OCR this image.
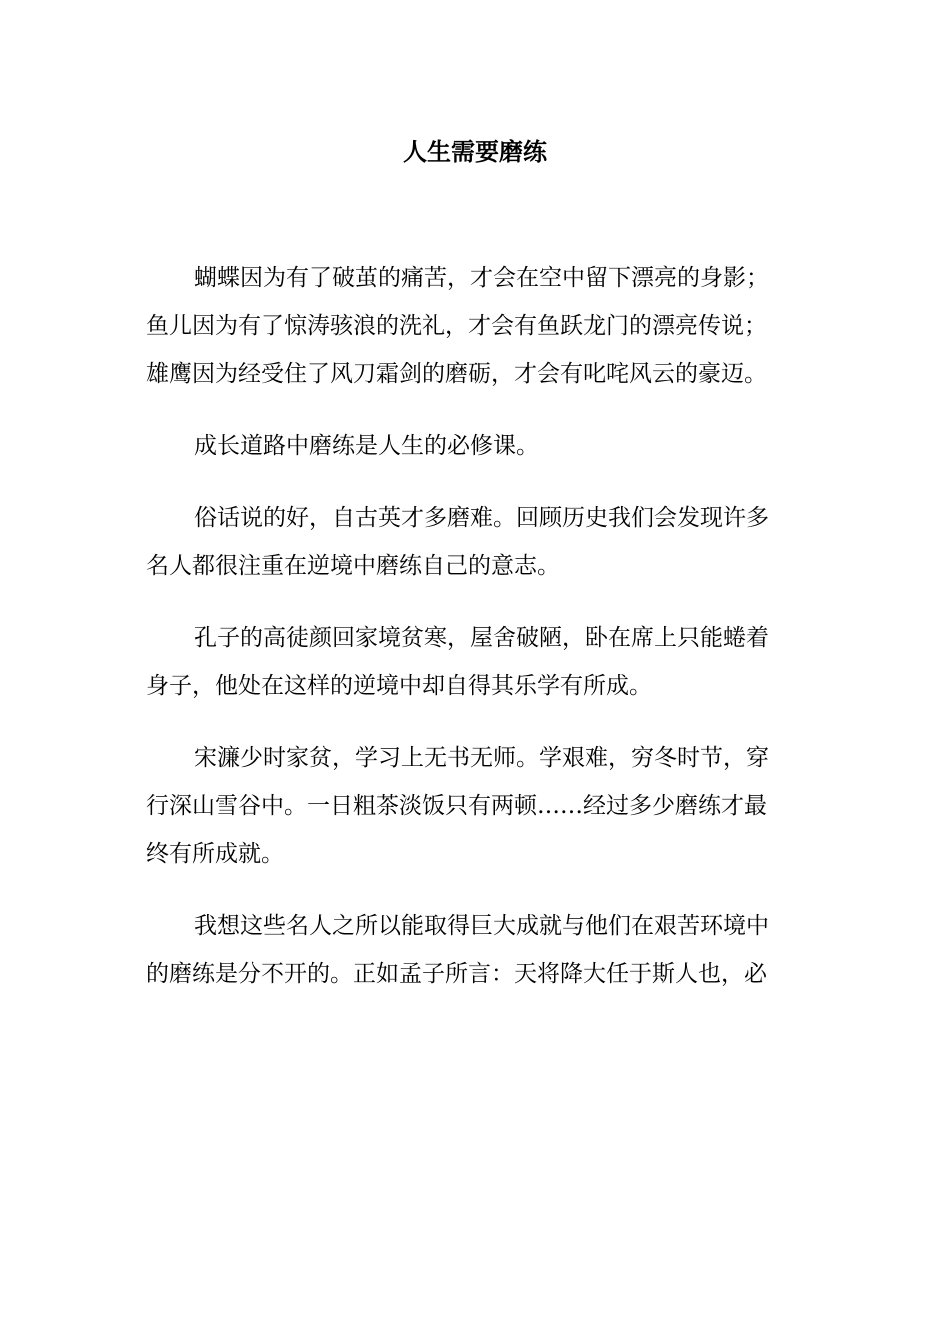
人生需要磨练
蝴蝶因为有了破茧的痛苦，才会在空中留下漂亮的身影；
鱼儿因为有了惊涛骇浪的洗礼，才会有鱼跃龙门的漂亮传说；
雄鹰因为经受住了风刀霜剑的磨砺，才会有叱咤风云的豪迈。
成长道路中磨练是人生的必修课。
俗话说的好，自古英才多磨难。回顾历史我们会发现许多
名人都很注重在逆境中磨练自己的意志。
孔子的高徒颜回家境贫寒，屋舍破陋，卧在席上只能蜷着
身子，他处在这样的逆境中却自得其乐学有所成。
宋濂少时家贫，学习上无书无师。学艰难，穷冬时节，穿
行深山雪谷中。一日粗茶淡饭只有两顿……经过多少磨练才最
终有所成就。
我想这些名人之所以能取得巨大成就与他们在艰苦环境中
的磨练是分不开的。正如孟子所言：天将降大任于斯人也，必
